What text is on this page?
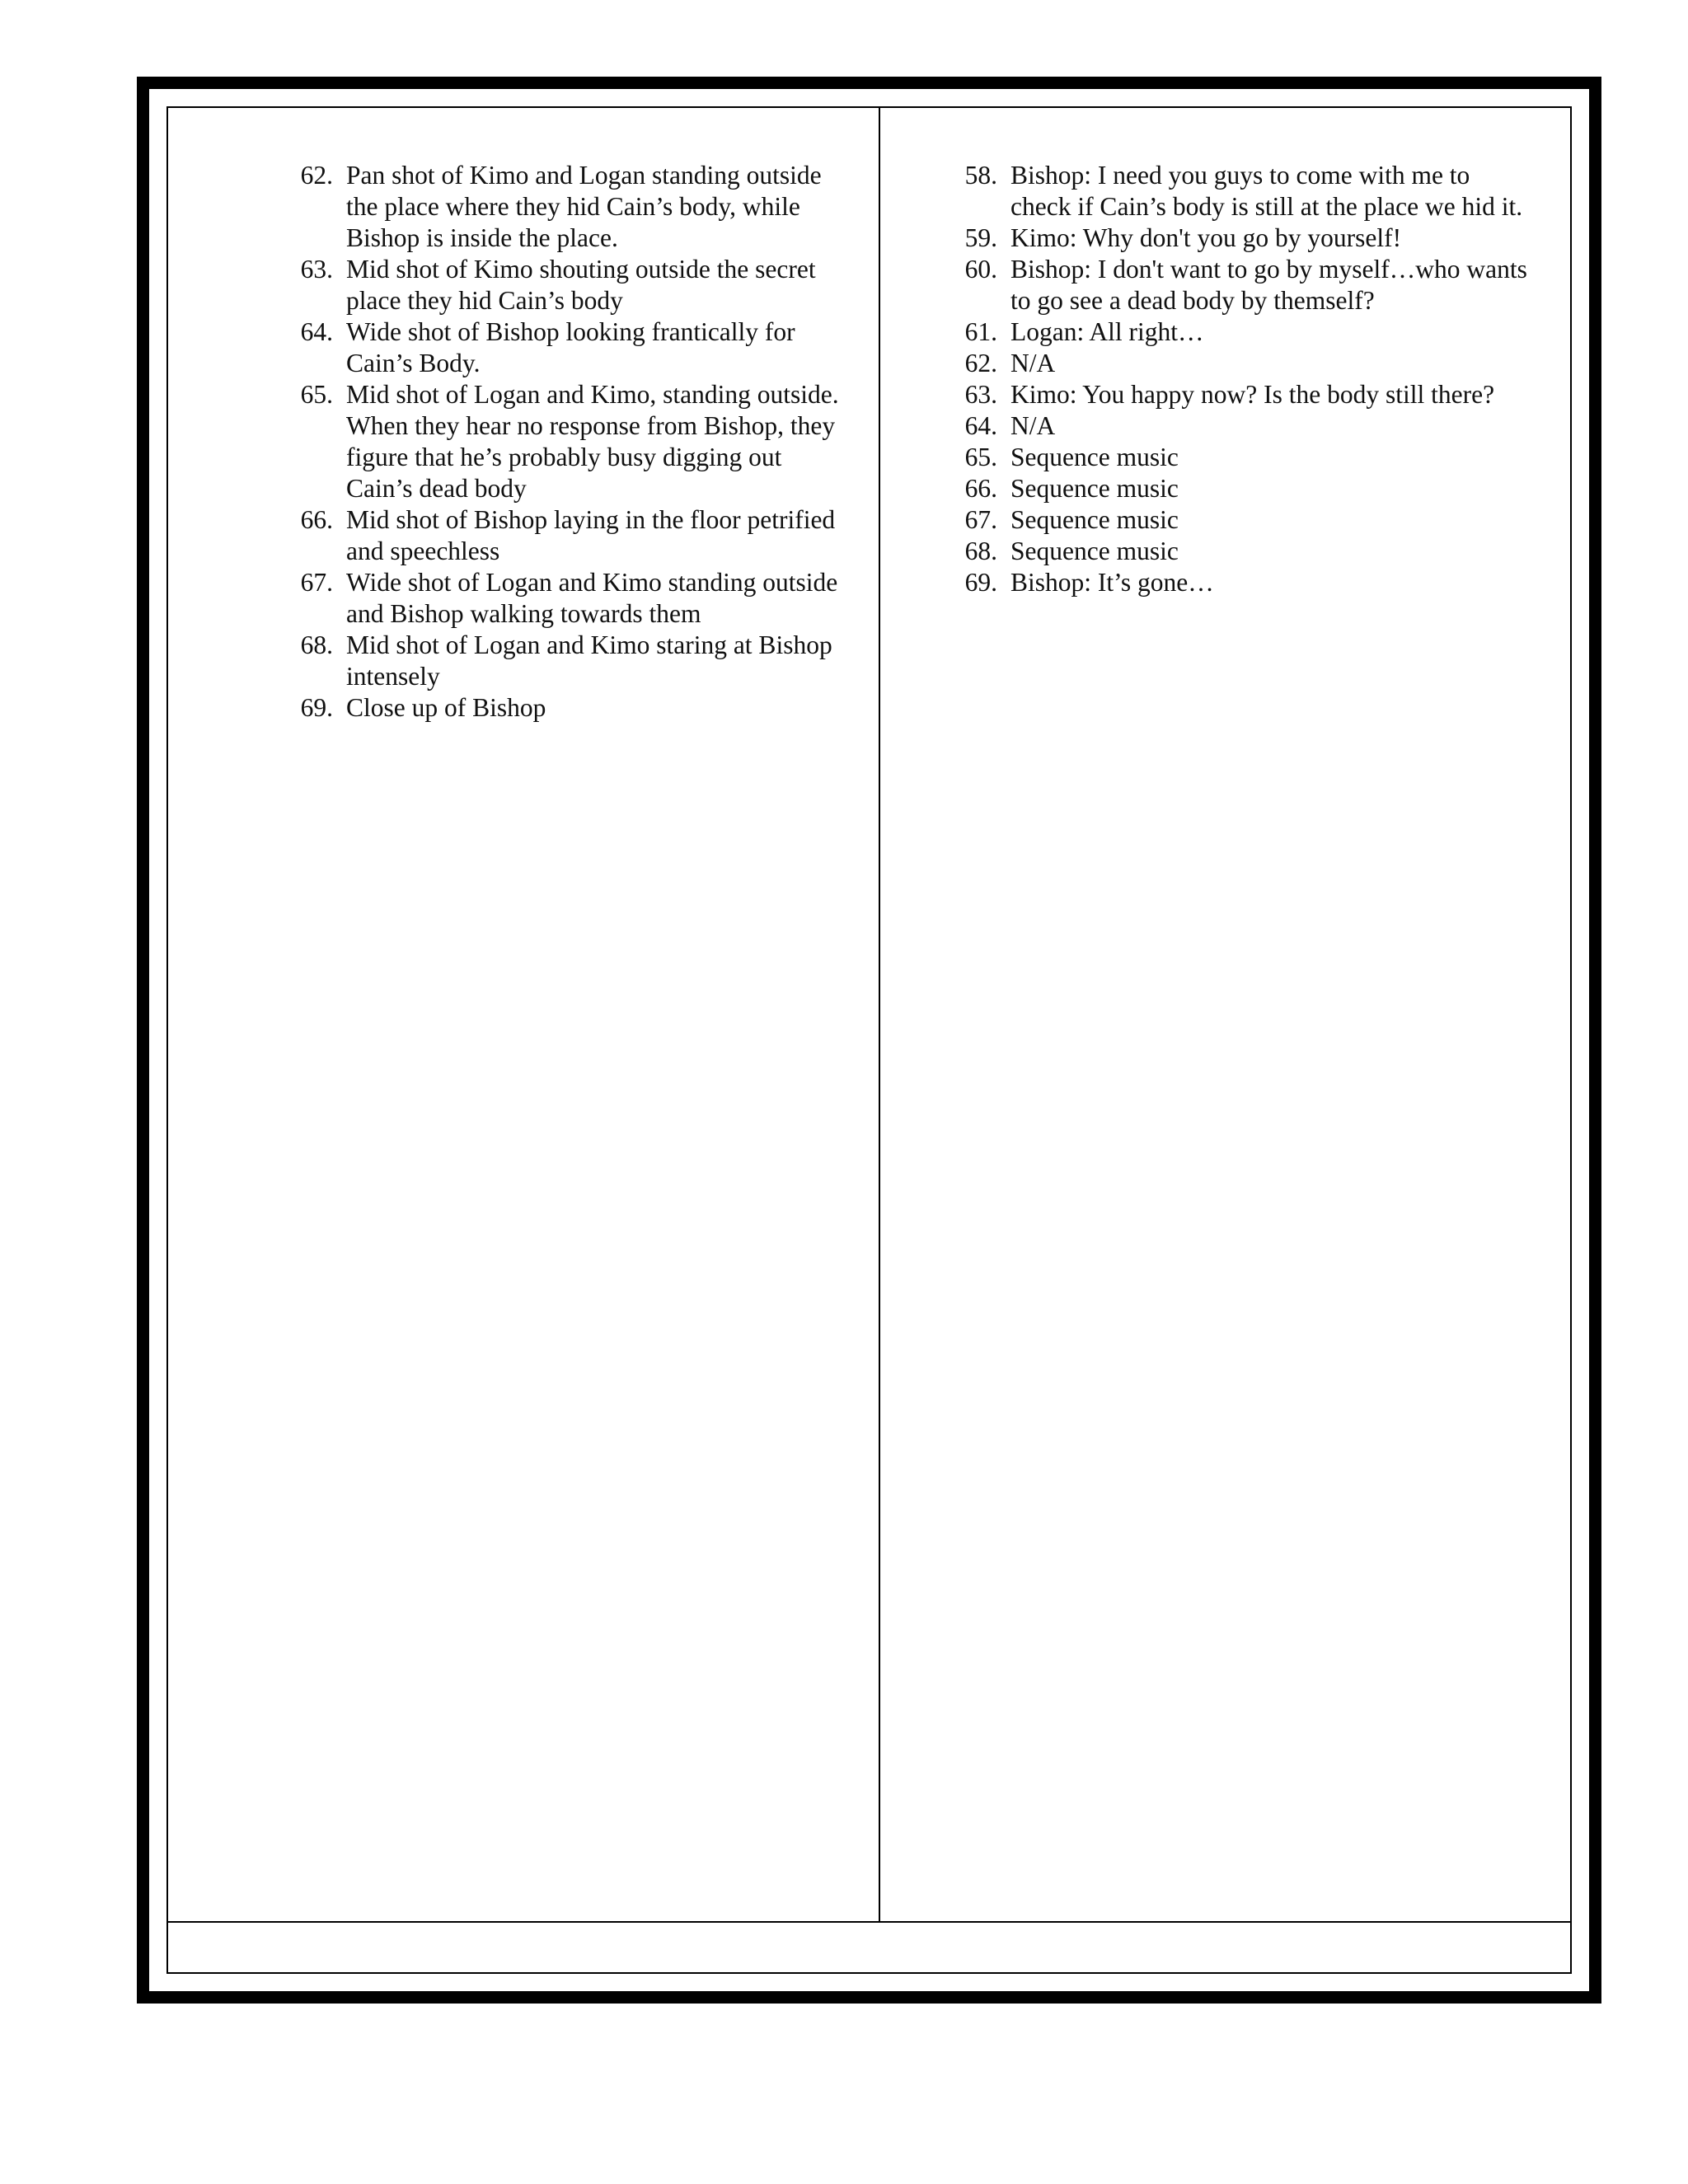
62. Pan shot of Kimo and Logan standing outside
the place where they hid Cain’s body, while
Bishop is inside the place.
63. Mid shot of Kimo shouting outside the secret
place they hid Cain’s body
64. Wide shot of Bishop looking frantically for
Cain’s Body.
65. Mid shot of Logan and Kimo, standing outside.
When they hear no response from Bishop, they
figure that he’s probably busy digging out
Cain’s dead body
66. Mid shot of Bishop laying in the floor petrified
and speechless
67. Wide shot of Logan and Kimo standing outside
and Bishop walking towards them
68. Mid shot of Logan and Kimo staring at Bishop
intensely
69. Close up of Bishop
58. Bishop: I need you guys to come with me to
check if Cain’s body is still at the place we hid it.
59. Kimo: Why don't you go by yourself!
60. Bishop: I don't want to go by myself…who wants
to go see a dead body by themself?
61. Logan: All right…
62. N/A
63. Kimo: You happy now? Is the body still there?
64. N/A
65. Sequence music
66. Sequence music
67. Sequence music
68. Sequence music
69. Bishop: It’s gone…
